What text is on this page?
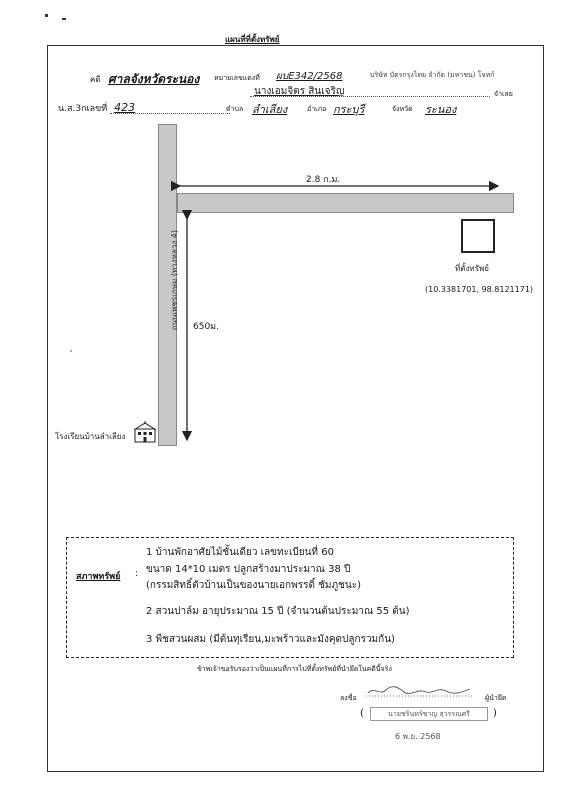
แผนที่ที่ตั้งทรัพย์
คดี ศาลจังหวัดระนอง หมายเลขแดงที่ ผบE342/2568	บริษัท บัตรกรุงไทย จำกัด (มหาชน) โจทก์
นางเอมจิตร สินเจริญ	จำเลย
น.ส.3กเลขที่ 423	ตำบล ลำเลียง	อำเภอ กระบุรี	จังหวัด ระนอง
ถนนเพชรเกษม (ทางหลวง 4)
2.8 ก.ม.
650ม.
ที่ตั้งทรัพย์
(10.3381701, 98.8121171)
โรงเรียนบ้านลำเลียง
สภาพทรัพย์ :
1 บ้านพักอาศัยไม้ชั้นเดียว เลขทะเบียนที่ 60
ขนาด 14*10 เมตร ปลูกสร้างมาประมาณ 38 ปี
(กรรมสิทธิ์ตัวบ้านเป็นของนายเอกพรรดิ์ ชัมภูชนะ)
2 สวนปาล์ม อายุประมาณ 15 ปี (จำนวนต้นประมาณ 55 ต้น)
3 พืชสวนผสม (มีต้นทุเรียน,มะพร้าวและมังคุดปลูกรวมกัน)
ข้าพเจ้าขอรับรองว่าเป็นแผนที่การไปที่ตั้งทรัพย์ที่นำยึดในคดีนี้จริง
ลงชื่อ	ผู้นำยึด
(	นายชรินทร์ชาญ สุวรรณศรี	)
6 พ.ย. 2568
